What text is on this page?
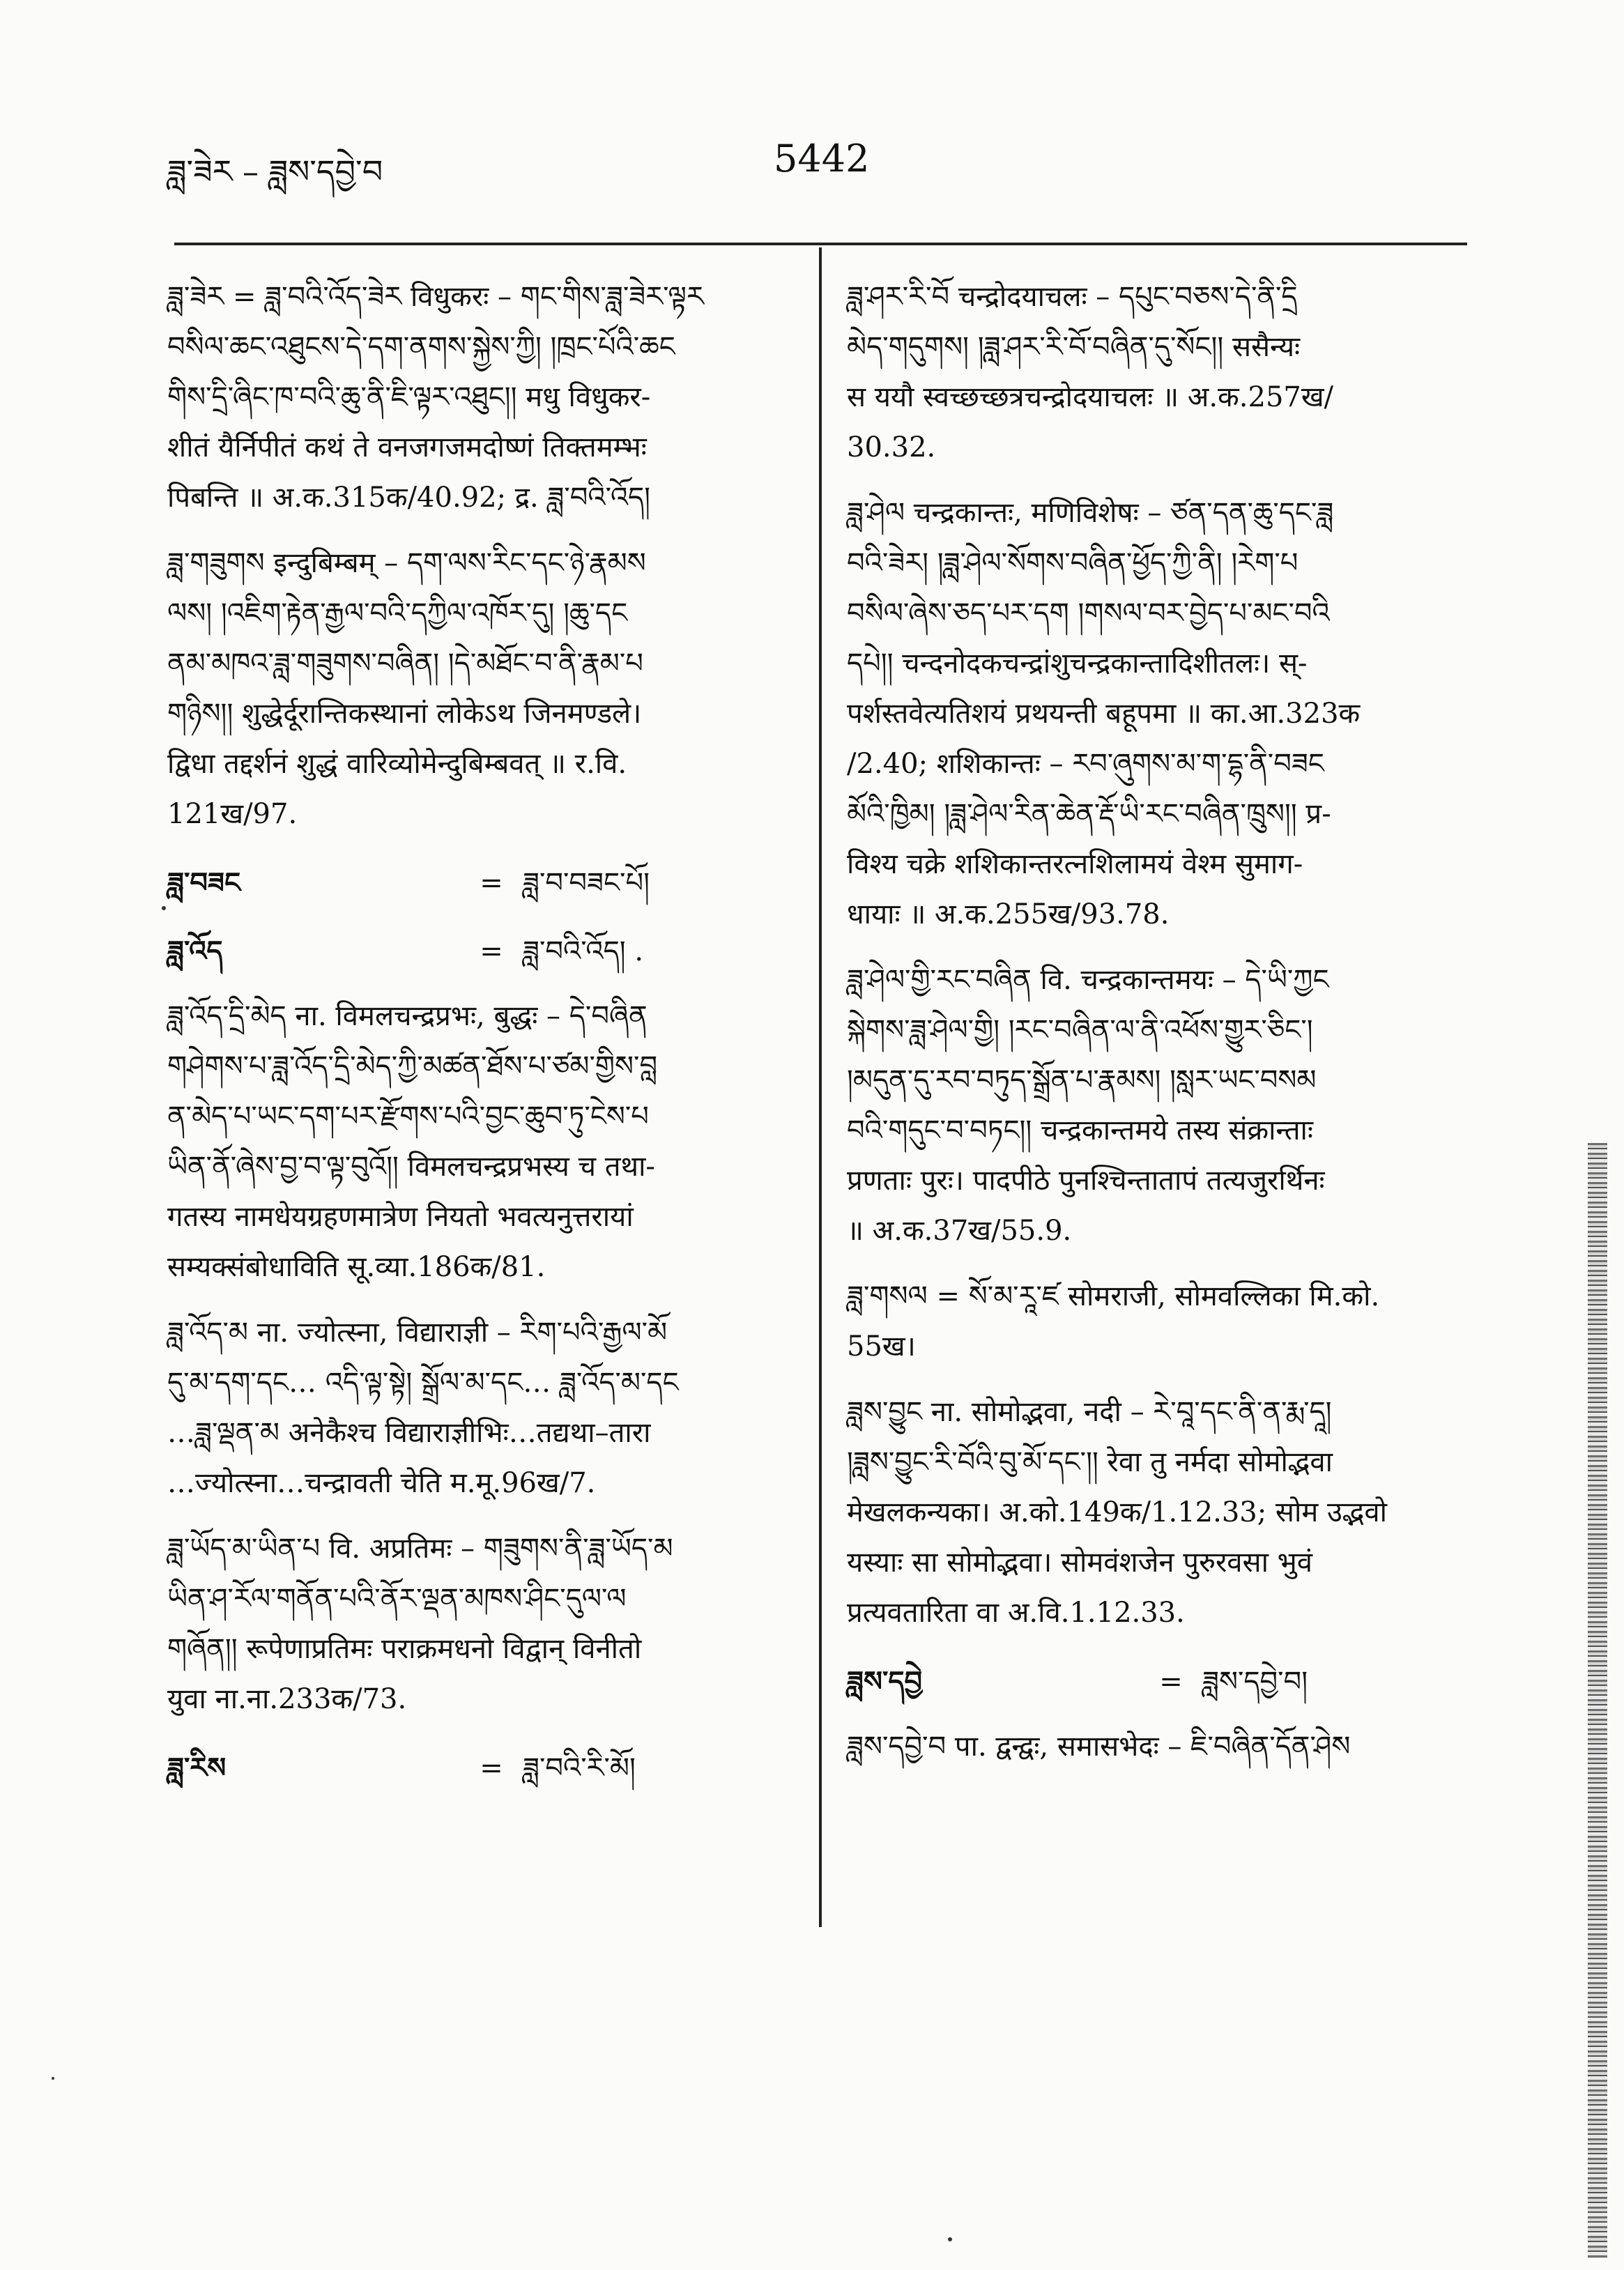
ཟླ་ཟེར – ཟླས་དབྱེ་བ	5442

ཟླ་ཟེར = ཟླ་བའི་འོད་ཟེར विधुकरः – གང་གིས་ཟླ་ཟེར་ལྟར

བསིལ་ཆང་འཐུངས་དེ་དག་ནགས་སྐྱེས་ཀྱི། །ཁྲང་པོའི་ཆང

གིས་དྲི་ཞིང་ཁ་བའི་ཆུ་ནི་ཇི་ལྟར་འཐུང།། मधु विधुकर-

शीतं यैर्निपीतं कथं ते वनजगजमदोष्णं तिक्तमम्भः

पिबन्ति ॥ अ.क.315क/40.92; द्र. ཟླ་བའི་འོད།

ཟླ་གཟུགས इन्दुबिम्बम् – དག་ལས་རིང་དང་ཉེ་རྣམས

ལས། །འཇིག་རྟེན་རྒྱལ་བའི་དཀྱིལ་འཁོར་དུ། །ཆུ་དང

ནམ་མཁའ་ཟླ་གཟུགས་བཞིན། །དེ་མཐོང་བ་ནི་རྣམ་པ

གཉིས།། शुद्धेर्दूरान्तिकस्थानां लोकेऽथ जिनमण्डले।

द्विधा तद्दर्शनं शुद्धं वारिव्योमेन्दुबिम्बवत् ॥ र.वि.

121ख/97.

ཟླ་བཟང	= ཟླ་བ་བཟང་པོ།
ཟླ་འོད	= ཟླ་བའི་འོད། .

ཟླ་འོད་དྲི་མེད ना. विमलचन्द्रप्रभः, बुद्धः – དེ་བཞིན

གཤེགས་པ་ཟླ་འོད་དྲི་མེད་ཀྱི་མཚན་ཐོས་པ་ཙམ་གྱིས་བླ

ན་མེད་པ་ཡང་དག་པར་རྫོགས་པའི་བྱང་ཆུབ་ཏུ་ངེས་པ

ཡིན་ནོ་ཞེས་བྱ་བ་ལྟ་བུའོ།། विमलचन्द्रप्रभस्य च तथा-

गतस्य नामधेयग्रहणमात्रेण नियतो भवत्यनुत्तरायां

सम्यक्संबोधाविति सू.व्या.186क/81.

ཟླ་འོད་མ ना. ज्योत्स्ना, विद्याराज्ञी – རིག་པའི་རྒྱལ་མོ

དུ་མ་དག་དང… འདི་ལྟ་སྟེ། སྒྲོལ་མ་དང… ཟླ་འོད་མ་དང

…ཟླ་ལྡན་མ अनेकैश्च विद्याराज्ञीभिः…तद्यथा–तारा

…ज्योत्स्ना…चन्द्रावती चेति म.मू.96ख/7.

ཟླ་ཡོད་མ་ཡིན་པ वि. अप्रतिमः – གཟུགས་ནི་ཟླ་ཡོད་མ

ཡིན་ཤ་རོལ་གནོན་པའི་ནོར་ལྡན་མཁས་ཤིང་དུལ་ལ

གཞོན།། रूपेणाप्रतिमः पराक्रमधनो विद्वान् विनीतो

युवा ना.ना.233क/73.

ཟླ་རིས	= ཟླ་བའི་རི་མོ།

ཟླ་ཤར་རི་བོ चन्द्रोदयाचलः – དཔུང་བཅས་དེ་ནི་དྲི

མེད་གདུགས། །ཟླ་ཤར་རི་བོ་བཞིན་དུ་སོང།། ससैन्यः

स ययौ स्वच्छच्छत्रचन्द्रोदयाचलः ॥ अ.क.257ख/

30.32.

ཟླ་ཤེལ चन्द्रकान्तः, मणिविशेषः – ཙན་དན་ཆུ་དང་ཟླ

བའི་ཟེར། །ཟླ་ཤེལ་སོགས་བཞིན་ཕྱོད་ཀྱི་ནི། །རེག་པ

བསིལ་ཞེས་ཅད་པར་དག །གསལ་བར་བྱེད་པ་མང་བའི

དཔེ།། चन्दनोदकचन्द्रांशुचन्द्रकान्तादिशीतलः। स्-

पर्शस्तवेत्यतिशयं प्रथयन्ती बहूपमा ॥ का.आ.323क

/2.40; शशिकान्तः – རབ་ཞུགས་མ་ག་དྷ་ནི་བཟང

མོའི་ཁྱིམ། །ཟླ་ཤེལ་རིན་ཆེན་རྡོ་ཡི་རང་བཞིན་ཁྲུས།། प्र-

विश्य चक्रे शशिकान्तरत्नशिलामयं वेश्म सुमाग-

धायाः ॥ अ.क.255ख/93.78.

ཟླ་ཤེལ་གྱི་རང་བཞིན वि. चन्द्रकान्तमयः – དེ་ཡི་ཀྱང

སྐེགས་ཟླ་ཤེལ་གྱི། །རང་བཞིན་ལ་ནི་འཕོས་གྱུར་ཅིང་།

།མདུན་དུ་རབ་བཏུད་སྒྲོན་པ་རྣམས། །སླར་ཡང་བསམ

བའི་གདུང་བ་བཏང།། चन्द्रकान्तमये तस्य संक्रान्ताः

प्रणताः पुरः। पादपीठे पुनश्चिन्तातापं तत्यजुरर्थिनः

॥ अ.क.37ख/55.9.

ཟླ་གསལ = སོ་མ་རཱ་ཛ सोमराजी, सोमवल्लिका मि.को.

55ख।

ཟླས་བྱུང ना. सोमोद्भवा, नदी – རེ་བཱ་དང་ནི་ན་རྨ་དཱ།

།ཟླས་བྱུང་རི་བོའི་བུ་མོ་དང་།། रेवा तु नर्मदा सोमोद्भवा

मेखलकन्यका। अ.को.149क/1.12.33; सोम उद्भवो

यस्याः सा सोमोद्भवा। सोमवंशजेन पुरुरवसा भुवं

प्रत्यवतारिता वा अ.वि.1.12.33.

ཟླས་དབྱེ	= ཟླས་དབྱེ་བ།

ཟླས་དབྱེ་བ पा. द्वन्द्वः, समासभेदः – ཇི་བཞིན་དོན་ཤེས
